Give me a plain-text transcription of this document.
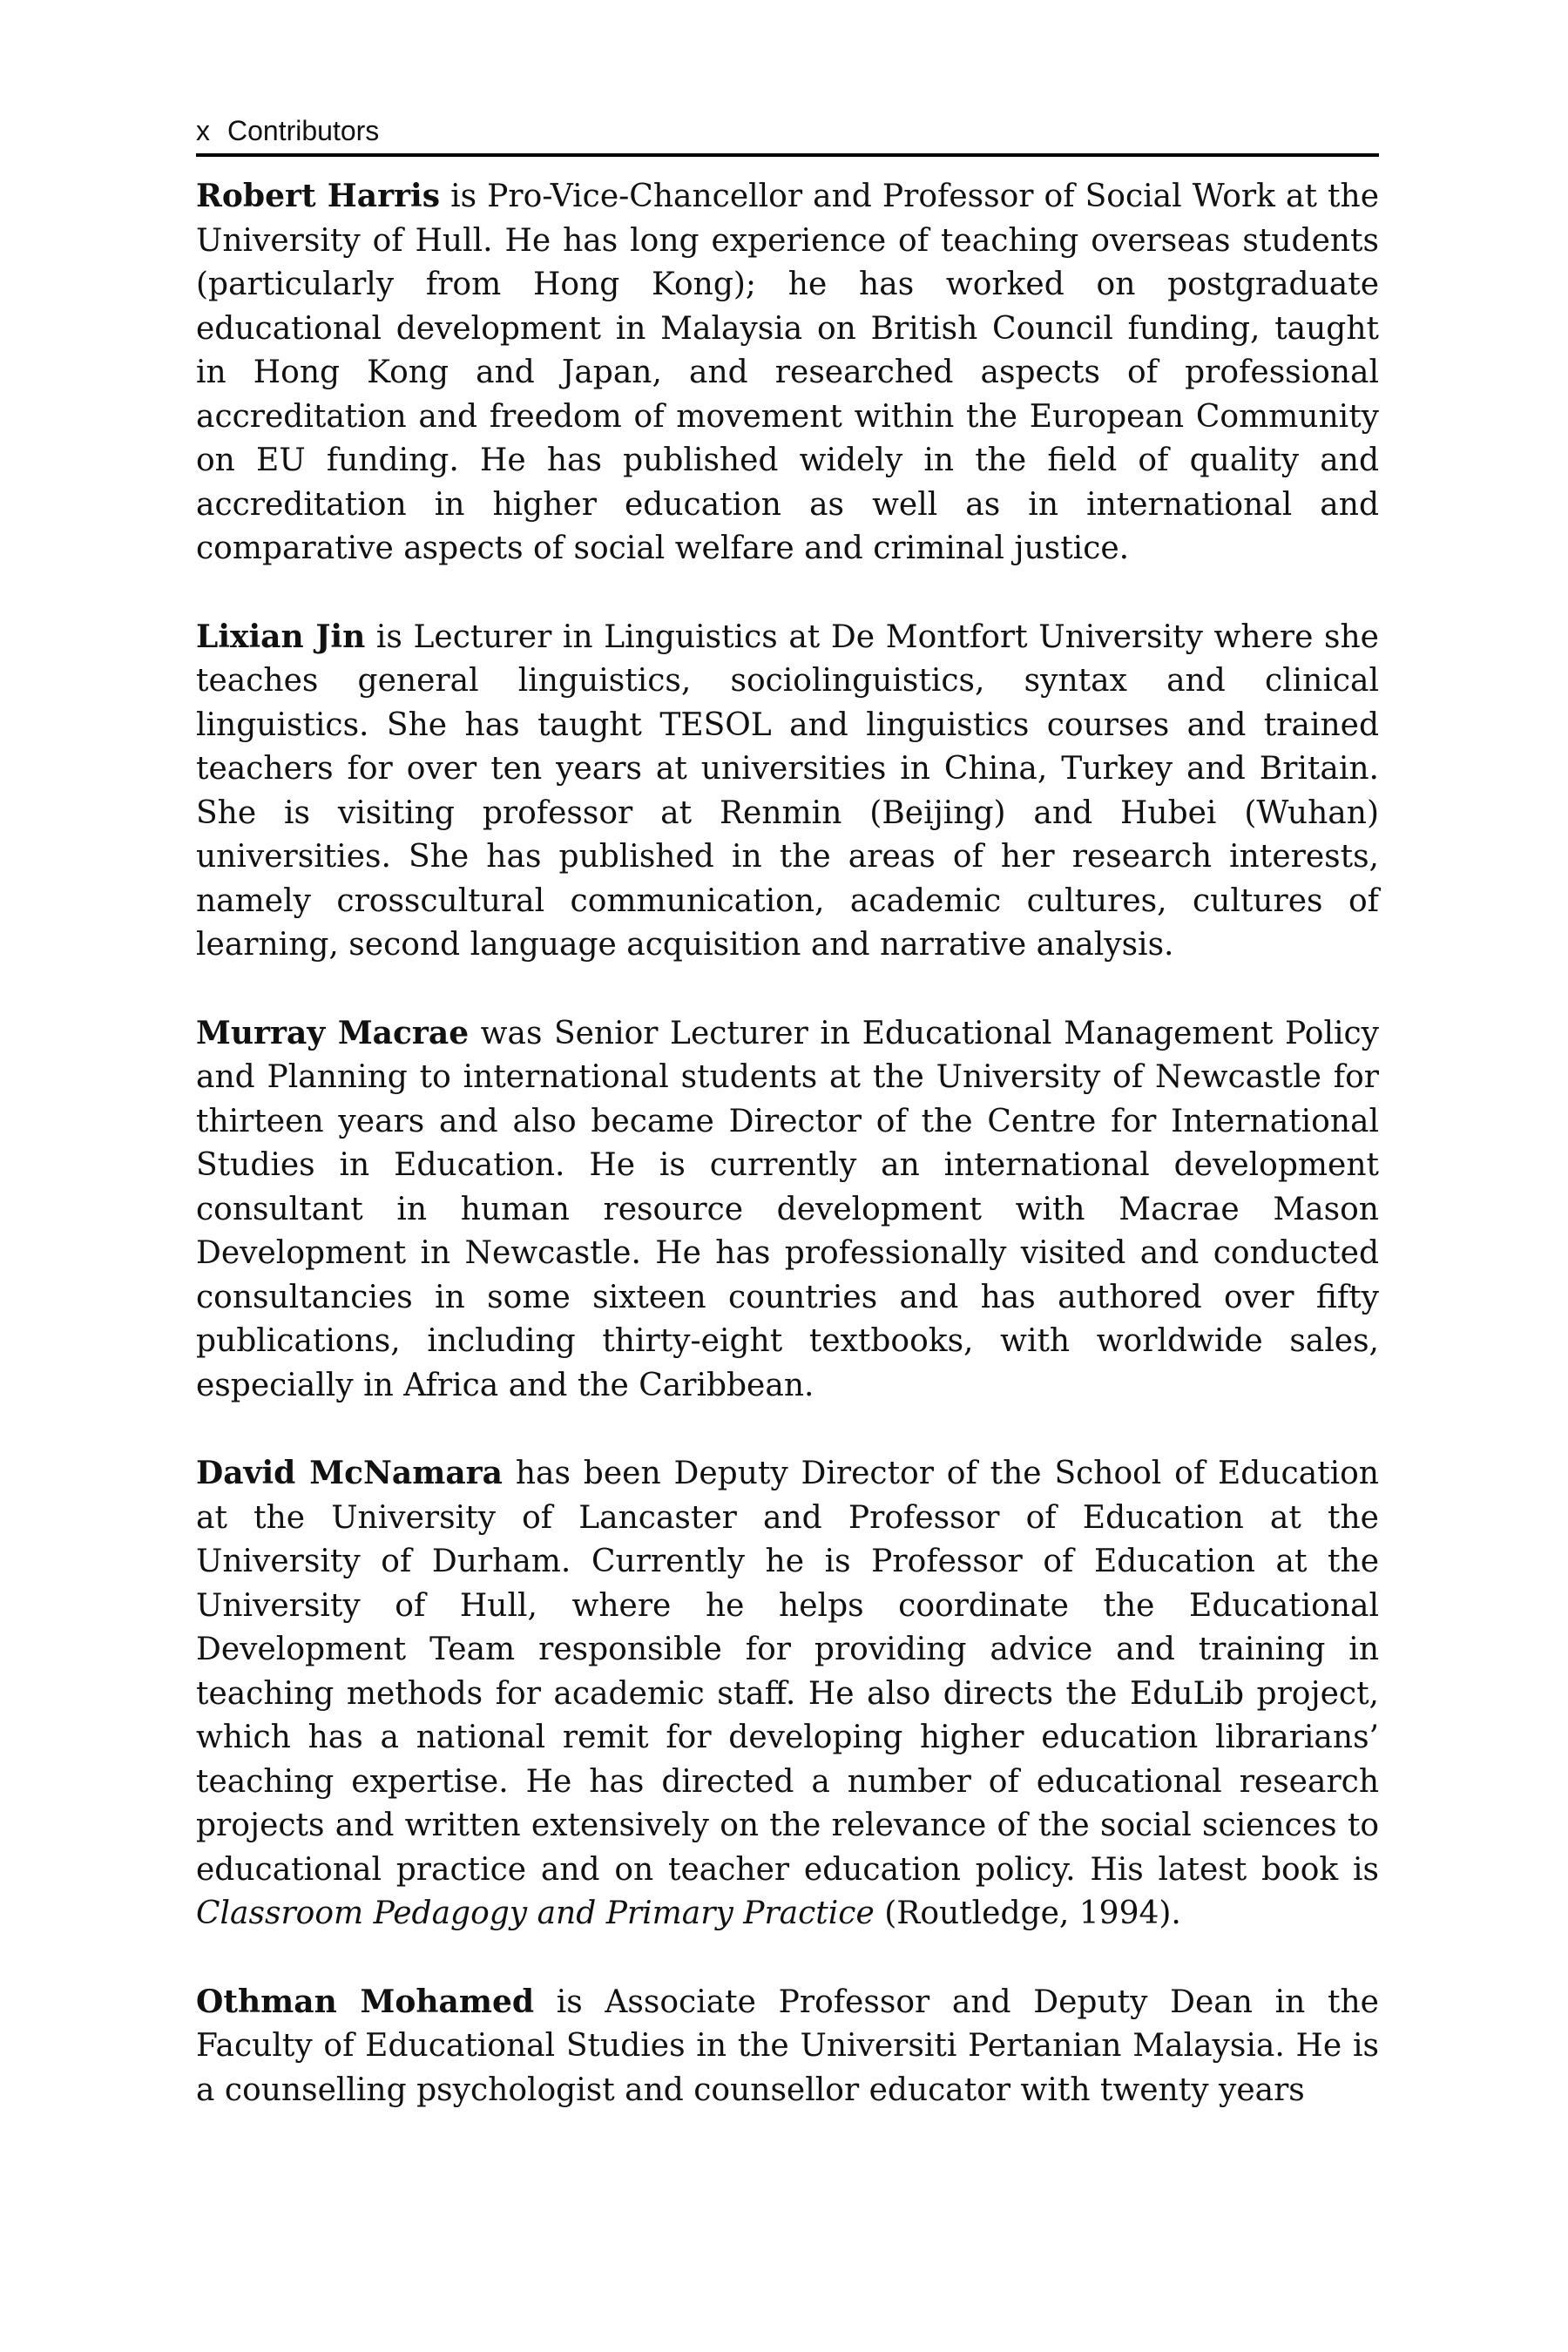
x Contributors

Robert Harris is Pro-Vice-Chancellor and Professor of Social Work at the University of Hull. He has long experience of teaching overseas students (particularly from Hong Kong); he has worked on postgraduate educational development in Malaysia on British Council funding, taught in Hong Kong and Japan, and researched aspects of professional accreditation and freedom of movement within the European Community on EU funding. He has published widely in the field of quality and accreditation in higher education as well as in international and comparative aspects of social welfare and criminal justice.

Lixian Jin is Lecturer in Linguistics at De Montfort University where she teaches general linguistics, sociolinguistics, syntax and clinical linguistics. She has taught TESOL and linguistics courses and trained teachers for over ten years at universities in China, Turkey and Britain. She is visiting professor at Renmin (Beijing) and Hubei (Wuhan) universities. She has published in the areas of her research interests, namely crosscultural communication, academic cultures, cultures of learning, second language acquisition and narrative analysis.

Murray Macrae was Senior Lecturer in Educational Management Policy and Planning to international students at the University of Newcastle for thirteen years and also became Director of the Centre for International Studies in Education. He is currently an international development consultant in human resource development with Macrae Mason Development in Newcastle. He has professionally visited and conducted consultancies in some sixteen countries and has authored over fifty publications, including thirty-eight textbooks, with worldwide sales, especially in Africa and the Caribbean.

David McNamara has been Deputy Director of the School of Education at the University of Lancaster and Professor of Education at the University of Durham. Currently he is Professor of Education at the University of Hull, where he helps coordinate the Educational Development Team responsible for providing advice and training in teaching methods for academic staff. He also directs the EduLib project, which has a national remit for developing higher education librarians’ teaching expertise. He has directed a number of educational research projects and written extensively on the relevance of the social sciences to educational practice and on teacher education policy. His latest book is Classroom Pedagogy and Primary Practice (Routledge, 1994).

Othman Mohamed is Associate Professor and Deputy Dean in the Faculty of Educational Studies in the Universiti Pertanian Malaysia. He is a counselling psychologist and counsellor educator with twenty years
